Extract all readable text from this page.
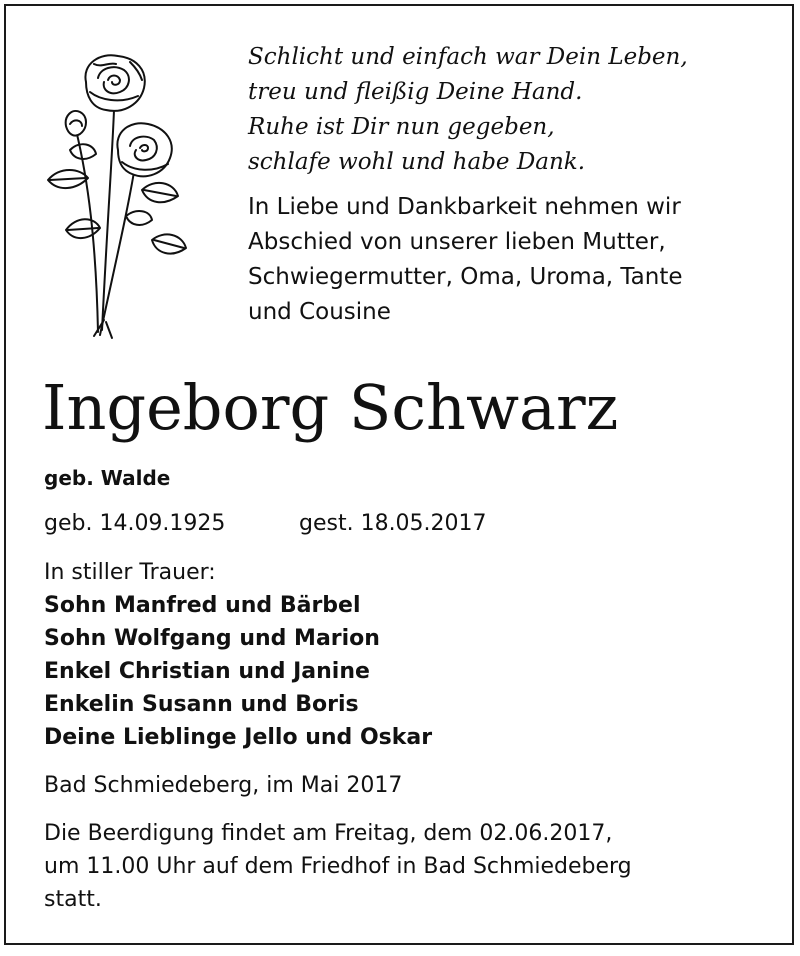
Schlicht und einfach war Dein Leben,
treu und fleißig Deine Hand.
Ruhe ist Dir nun gegeben,
schlafe wohl und habe Dank.
In Liebe und Dankbarkeit nehmen wir
Abschied von unserer lieben Mutter,
Schwiegermutter, Oma, Uroma, Tante
und Cousine
Ingeborg Schwarz
geb. Walde
geb. 14.09.1925	gest. 18.05.2017
In stiller Trauer:
Sohn Manfred und Bärbel
Sohn Wolfgang und Marion
Enkel Christian und Janine
Enkelin Susann und Boris
Deine Lieblinge Jello und Oskar
Bad Schmiedeberg, im Mai 2017
Die Beerdigung findet am Freitag, dem 02.06.2017,
um 11.00 Uhr auf dem Friedhof in Bad Schmiedeberg
statt.
